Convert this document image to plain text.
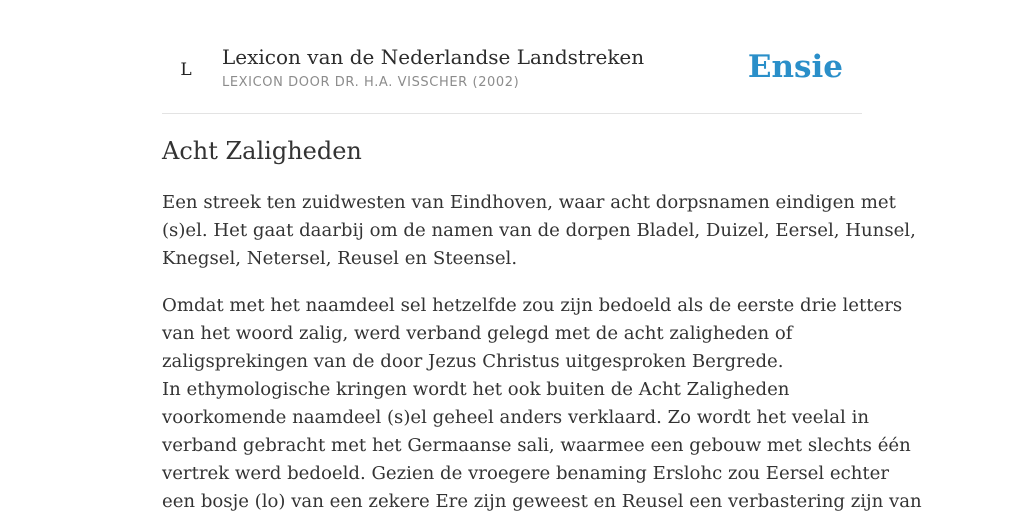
L
Lexicon van de Nederlandse Landstreken
LEXICON DOOR DR. H.A. VISSCHER (2002)	Ensie
Acht Zaligheden

Een streek ten zuidwesten van Eindhoven, waar acht dorpsnamen eindigen met
(s)el. Het gaat daarbij om de namen van de dorpen Bladel, Duizel, Eersel, Hunsel,
Knegsel, Netersel, Reusel en Steensel.

Omdat met het naamdeel sel hetzelfde zou zijn bedoeld als de eerste drie letters
van het woord zalig, werd verband gelegd met de acht zaligheden of
zaligsprekingen van de door Jezus Christus uitgesproken Bergrede.
In ethymologische kringen wordt het ook buiten de Acht Zaligheden
voorkomende naamdeel (s)el geheel anders verklaard. Zo wordt het veelal in
verband gebracht met het Germaanse sali, waarmee een gebouw met slechts één
vertrek werd bedoeld. Gezien de vroegere benaming Erslohc zou Eersel echter
een bosje (lo) van een zekere Ere zijn geweest en Reusel een verbastering zijn van
